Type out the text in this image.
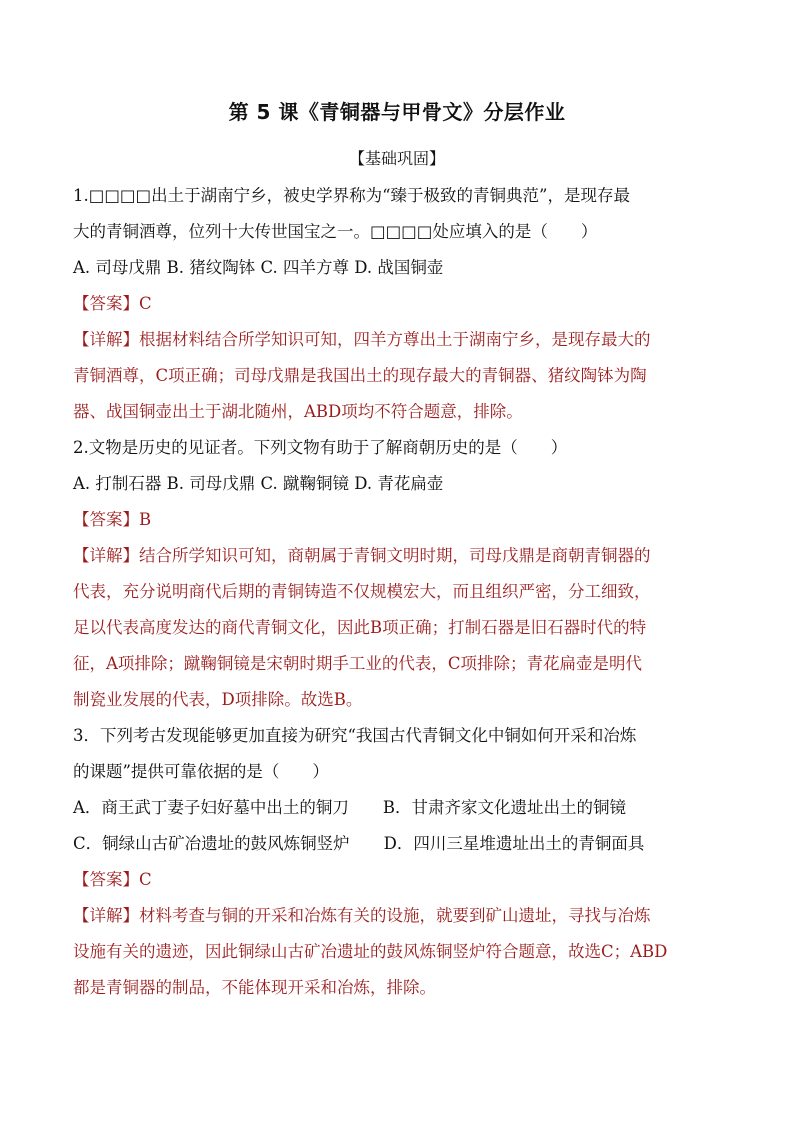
第 5 课《青铜器与甲骨文》分层作业
【基础巩固】
1.□□□□出土于湖南宁乡，被史学界称为“臻于极致的青铜典范”，是现存最
大的青铜酒尊，位列十大传世国宝之一。□□□□处应填入的是（　　）
A. 司母戊鼎 B. 猪纹陶钵 C. 四羊方尊 D. 战国铜壶
【答案】C
【详解】根据材料结合所学知识可知，四羊方尊出土于湖南宁乡，是现存最大的
青铜酒尊，C项正确；司母戊鼎是我国出土的现存最大的青铜器、猪纹陶钵为陶
器、战国铜壶出土于湖北随州，ABD项均不符合题意，排除。
2.文物是历史的见证者。下列文物有助于了解商朝历史的是（　　）
A. 打制石器 B. 司母戊鼎 C. 蹴鞠铜镜 D. 青花扁壶
【答案】B
【详解】结合所学知识可知，商朝属于青铜文明时期，司母戊鼎是商朝青铜器的
代表，充分说明商代后期的青铜铸造不仅规模宏大，而且组织严密，分工细致，
足以代表高度发达的商代青铜文化，因此B项正确；打制石器是旧石器时代的特
征，A项排除；蹴鞠铜镜是宋朝时期手工业的代表，C项排除；青花扁壶是明代
制瓷业发展的代表，D项排除。故选B。
3．下列考古发现能够更加直接为研究“我国古代青铜文化中铜如何开采和冶炼
的课题”提供可靠依据的是（　　）
A．商王武丁妻子妇好墓中出土的铜刀 B．甘肃齐家文化遗址出土的铜镜
C．铜绿山古矿冶遗址的鼓风炼铜竖炉 D．四川三星堆遗址出土的青铜面具
【答案】C
【详解】材料考查与铜的开采和冶炼有关的设施，就要到矿山遗址，寻找与冶炼
设施有关的遗迹，因此铜绿山古矿冶遗址的鼓风炼铜竖炉符合题意，故选C；ABD
都是青铜器的制品，不能体现开采和冶炼，排除。
